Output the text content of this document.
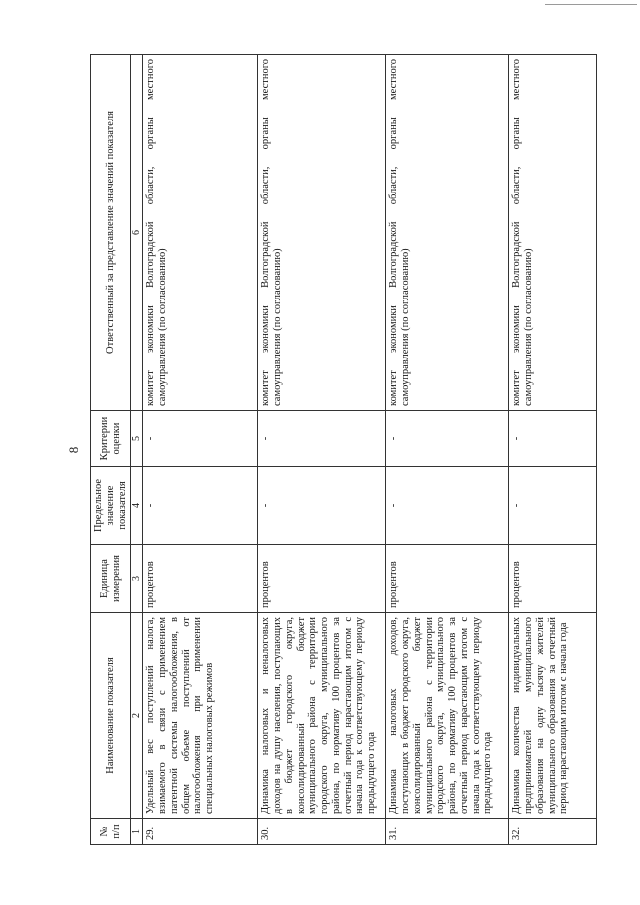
8
№ п/п	Наименование показателя	Единица измерения	Предельное значение показателя	Критерии оценки	Ответственный за представление значений показателя
1	2	3	4	5	6
29.	Удельный вес поступлений налога, взимаемого в связи с применением патентной системы налогообложения, в общем объеме поступлений от налогообложения при применении специальных налоговых режимов	процентов	-	-	комитет экономики Волгоградской области, органы местного самоуправления (по согласованию)
30.	Динамика налоговых и неналоговых доходов на душу населения, поступающих в бюджет городского округа, консолидированный бюджет муниципального района с территории городского округа, муниципального района, по нормативу 100 процентов за отчетный период нарастающим итогом с начала года к соответствующему периоду предыдущего года	процентов	-	-	комитет экономики Волгоградской области, органы местного самоуправления (по согласованию)
31.	Динамика налоговых доходов, поступающих в бюджет городского округа, консолидированный бюджет муниципального района с территории городского округа, муниципального района, по нормативу 100 процентов за отчетный период нарастающим итогом с начала года к соответствующему периоду предыдущего года	процентов	-	-	комитет экономики Волгоградской области, органы местного самоуправления (по согласованию)
32.	Динамика количества индивидуальных предпринимателей муниципального образования на одну тысячу жителей муниципального образования за отчетный период нарастающим итогом с начала года	процентов	-	-	комитет экономики Волгоградской области, органы местного самоуправления (по согласованию)
